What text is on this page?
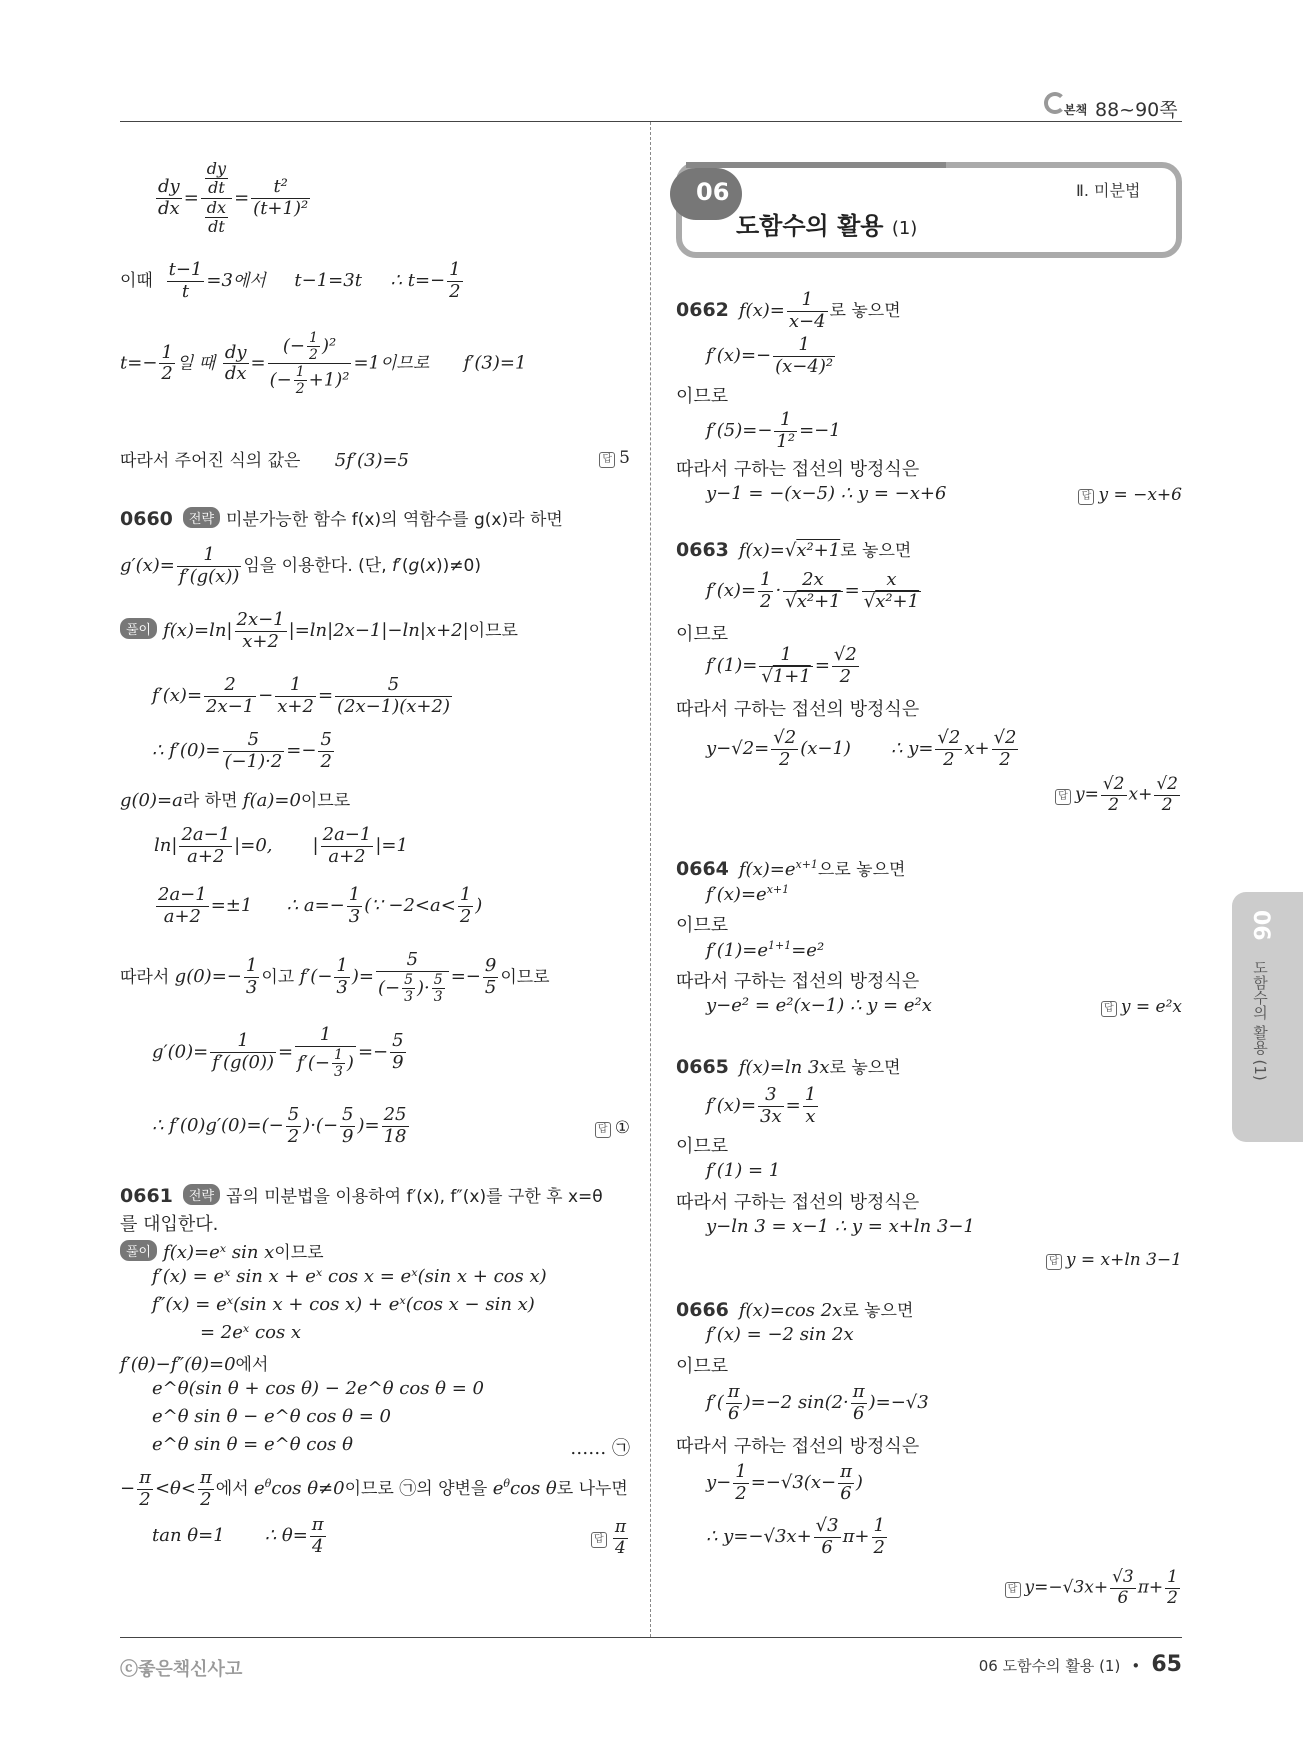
본책 88~90쪽
$\frac{dy}{dx} = \frac{\frac{dy}{dt}}{\frac{dx}{dt}} = \frac{\text{t²}}{\text{(t+1)²}}$
이때 $\frac{t-1}{t} =3$에서     t−1=3t     ∴ $t=- \frac{1}{2}$
$t=- \frac{1}{2}$ 일 때 $\frac{dy}{dx} = \frac{(- \frac{1}{2} )^2}{(- \frac{1}{2} +1)^2} =1$이므로      f′(3)=1
따라서 주어진 식의 값은 5f′(3)=5	답 5
0660 전략 미분가능한 함수 f(x)의 역함수를 g(x)라 하면
$g'(x)= \frac{1}{f'(g(x))}$ 임을 이용한다. (단, f′(g(x))≠0)
풀이 $f(x)=\ln| \frac{2x-1}{x+2} |=\ln|2x-1|-\ln|x+2|$이므로
$f'(x)= \frac{2}{2x-1} - \frac{1}{x+2} = \frac{5}{(2x-1)(x+2)}$
∴ $f'(0)= \frac{5}{(-1)\cdot 2} =- \frac{5}{2}$
g(0)=a라 하면 f(a)=0이므로
$\ln| \frac{2a-1}{a+2} |=0$,       | $\frac{2a-1}{a+2} |=1$
$\frac{2a-1}{a+2} =\pm 1$      ∴ $a=- \frac{1}{3}$ (∵ $-2<a< \frac{1}{2}$ )
따라서 $g(0)=- \frac{1}{3}$ 이고 $f'(- \frac{1}{3}$ )= $\frac{5}{(- \frac{5}{3} )\cdot \frac{5}{3}} =- \frac{9}{5}$ 이므로
$g'(0)= \frac{1}{f'(g(0))} = \frac{1}{f'(- \frac{1}{3} )} =- \frac{5}{9}$
∴ $f'(0)g'(0)=(- \frac{5}{2}$ )·(− $\frac{5}{9}$ )= $\frac{25}{18}$	답 ①
0661 전략 곱의 미분법을 이용하여 f′(x), f″(x)를 구한 후 x=θ
를 대입한다.
풀이 f(x)=eˣ sin x이므로
f′(x) = eˣ sin x + eˣ cos x = eˣ(sin x + cos x)
f″(x) = eˣ(sin x + cos x) + eˣ(cos x − sin x)
= 2eˣ cos x
f′(θ)−f″(θ)=0에서
e^θ(sin θ + cos θ) − 2e^θ cos θ = 0
e^θ sin θ − e^θ cos θ = 0
e^θ sin θ = e^θ cos θ	…… ㉠
− $\frac{\pi}{2} <\theta< \frac{\pi}{2}$ 에서 $e^\theta\cos$ θ≠0이므로 ㉠의 양변을 $e^\theta\cos$ θ로 나누면
tan θ=1       ∴ $\theta= \frac{\pi}{4}$	답 $\frac{\pi}{4}$
06	Ⅱ. 미분법
도함수의 활용 (1)
0662 $f(x)= \frac{1}{x-4}$ 로 놓으면
$f'(x)=- \frac{1}{\text{(x−4)²}}$
이므로
$f'(5)=- \frac{1}{\text{1²}} =-1$
따라서 구하는 접선의 방정식은
y−1 = −(x−5) ∴ y = −x+6	답 y = −x+6
0663 f(x)=√x²+1로 놓으면
$f'(x)= \frac{1}{2} \cdot \frac{2x}{\text{√x²+1}} = \frac{x}{\text{√x²+1}}$
이므로
$f'(1)= \frac{1}{√1+1} = \frac{√2}{2}$
따라서 구하는 접선의 방정식은
$y-√2= \frac{√2}{2} (x-1)$       ∴ $y= \frac{√2}{2} x+ \frac{√2}{2}$
답 $y= \frac{√2}{2} x+ \frac{√2}{2}$
0664 $f(x)=e^{x+1}$으로 놓으면
$f'(x)=e^{x+1}$
이므로
$f'(1)=e^{1+1}=e^2$
따라서 구하는 접선의 방정식은
y−e² = e²(x−1) ∴ y = e²x	답 y = e²x
0665 f(x)=ln 3x로 놓으면
$f'(x)= \frac{3}{3x} = \frac{1}{x}$
이므로
f′(1) = 1
따라서 구하는 접선의 방정식은
y−ln 3 = x−1 ∴ y = x+ln 3−1
답 y = x+ln 3−1
0666 f(x)=cos 2x로 놓으면
f′(x) = −2 sin 2x
이므로
$f'( \frac{\pi}{6} )=-2$ $\sin(2\cdot \frac{\pi}{6} )=-√3$
따라서 구하는 접선의 방정식은
$y- \frac{1}{2} =-√3(x- \frac{\pi}{6}$ )
∴ $y=-√3x+ \frac{√3}{6} \pi+ \frac{1}{2}$
답 $y=-√3x+ \frac{√3}{6} \pi+ \frac{1}{2}$
06
도함수의 활용 (1)
ⓒ좋은책신사고	06 도함수의 활용 (1) • 65
